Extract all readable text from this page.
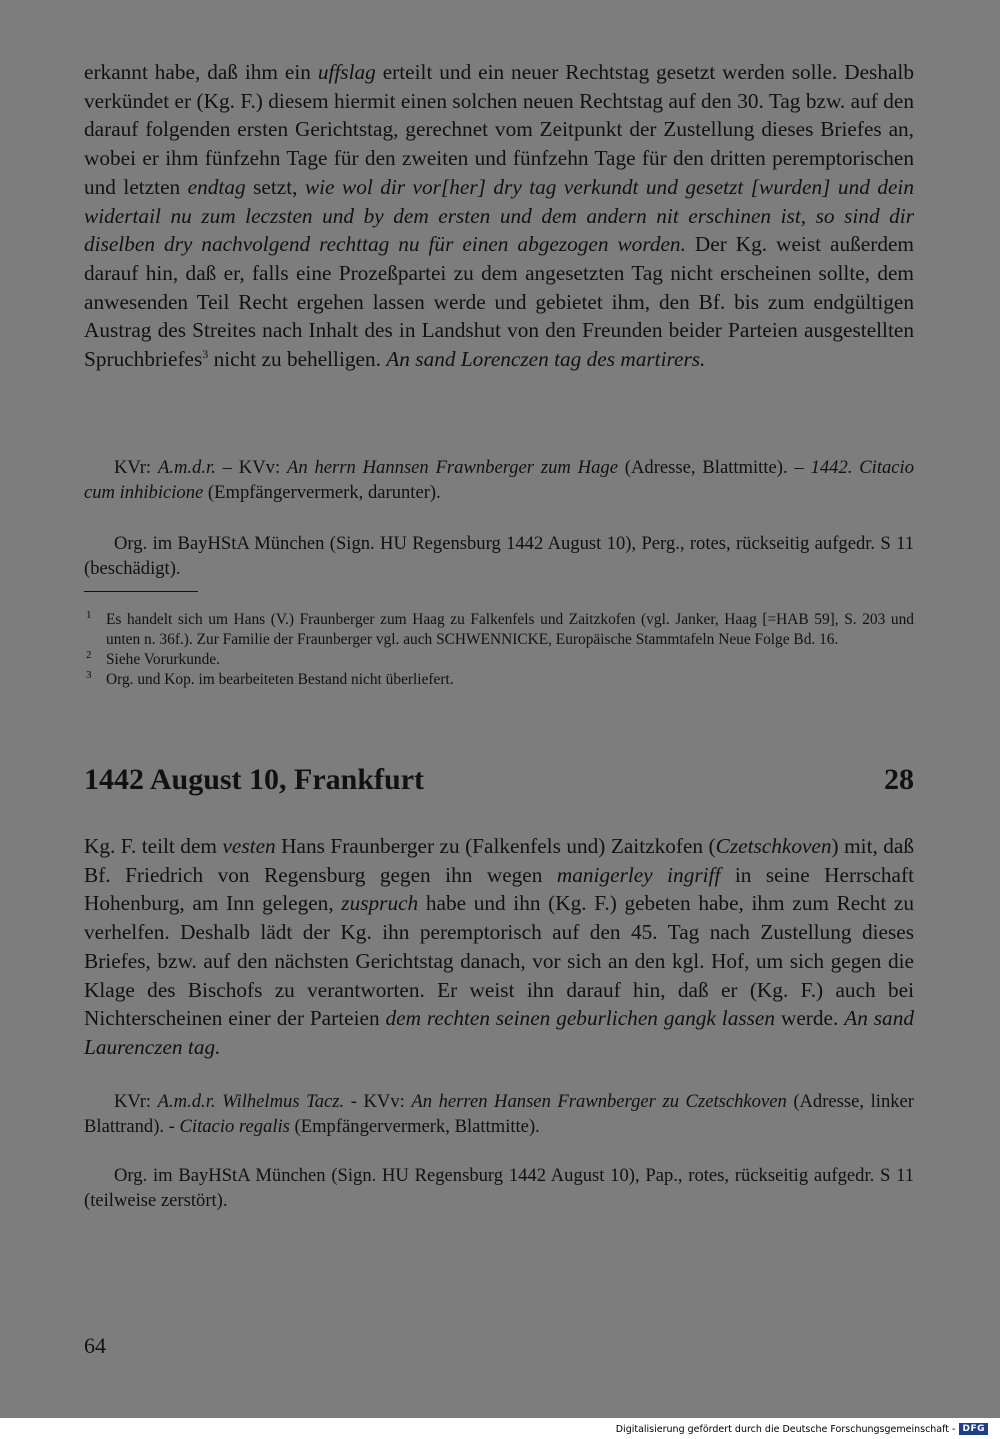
erkannt habe, daß ihm ein uffslag erteilt und ein neuer Rechtstag gesetzt werden solle. Deshalb verkündet er (Kg. F.) diesem hiermit einen solchen neuen Rechtstag auf den 30. Tag bzw. auf den darauf folgenden ersten Gerichtstag, gerechnet vom Zeitpunkt der Zustellung dieses Briefes an, wobei er ihm fünfzehn Tage für den zweiten und fünfzehn Tage für den dritten peremptorischen und letzten endtag setzt, wie wol dir vor[her] dry tag verkundt und gesetzt [wurden] und dein widertail nu zum leczsten und by dem ersten und dem andern nit erschinen ist, so sind dir diselben dry nachvolgend rechttag nu für einen abgezogen worden. Der Kg. weist außerdem darauf hin, daß er, falls eine Prozeßpartei zu dem angesetzten Tag nicht erscheinen sollte, dem anwesenden Teil Recht ergehen lassen werde und gebietet ihm, den Bf. bis zum endgültigen Austrag des Streites nach Inhalt des in Landshut von den Freunden beider Parteien ausgestellten Spruchbriefes$^3$ nicht zu behelligen. An sand Lorenczen tag des martirers.

KVr: A.m.d.r. – KVv: An herrn Hannsen Frawnberger zum Hage (Adresse, Blattmitte). – 1442. Citacio cum inhibicione (Empfängervermerk, darunter).

Org. im BayHStA München (Sign. HU Regensburg 1442 August 10), Perg., rotes, rückseitig aufgedr. S 11 (beschädigt).

1 Es handelt sich um Hans (V.) Fraunberger zum Haag zu Falkenfels und Zaitzkofen (vgl. Janker, Haag [=HAB 59], S. 203 und unten n. 36f.). Zur Familie der Fraunberger vgl. auch SCHWENNICKE, Europäische Stammtafeln Neue Folge Bd. 16.
2 Siehe Vorurkunde.
3 Org. und Kop. im bearbeiteten Bestand nicht überliefert.
1442 August 10, Frankfurt	28

Kg. F. teilt dem vesten Hans Fraunberger zu (Falkenfels und) Zaitzkofen (Czetschkoven) mit, daß Bf. Friedrich von Regensburg gegen ihn wegen manigerley ingriff in seine Herrschaft Hohenburg, am Inn gelegen, zuspruch habe und ihn (Kg. F.) gebeten habe, ihm zum Recht zu verhelfen. Deshalb lädt der Kg. ihn peremptorisch auf den 45. Tag nach Zustellung dieses Briefes, bzw. auf den nächsten Gerichtstag danach, vor sich an den kgl. Hof, um sich gegen die Klage des Bischofs zu verantworten. Er weist ihn darauf hin, daß er (Kg. F.) auch bei Nichterscheinen einer der Parteien dem rechten seinen geburlichen gangk lassen werde. An sand Laurenczen tag.

KVr: A.m.d.r. Wilhelmus Tacz. - KVv: An herren Hansen Frawnberger zu Czetschkoven (Adresse, linker Blattrand). - Citacio regalis (Empfängervermerk, Blattmitte).

Org. im BayHStA München (Sign. HU Regensburg 1442 August 10), Pap., rotes, rückseitig aufgedr. S 11 (teilweise zerstört).

64
Digitalisierung gefördert durch die Deutsche Forschungsgemeinschaft - DFG
